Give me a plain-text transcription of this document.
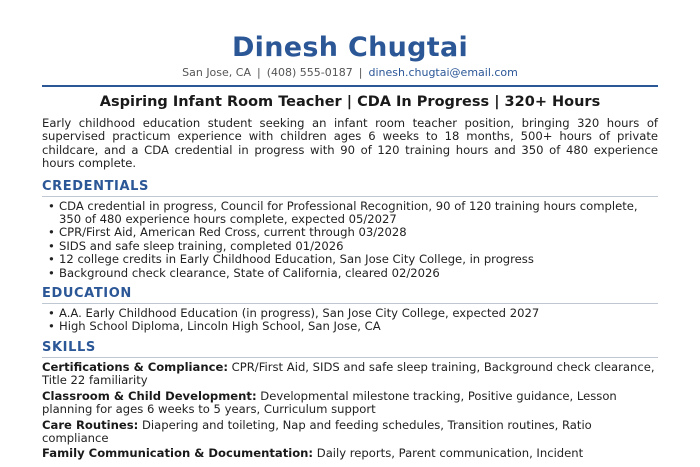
Dinesh Chugtai
San Jose, CA | (408) 555-0187 | dinesh.chugtai@email.com
Aspiring Infant Room Teacher | CDA In Progress | 320+ Hours

Early childhood education student seeking an infant room teacher position, bringing 320 hours of supervised practicum experience with children ages 6 weeks to 18 months, 500+ hours of private childcare, and a CDA credential in progress with 90 of 120 training hours and 350 of 480 experience hours complete.

CREDENTIALS
• CDA credential in progress, Council for Professional Recognition, 90 of 120 training hours complete, 350 of 480 experience hours complete, expected 05/2027
• CPR/First Aid, American Red Cross, current through 03/2028
• SIDS and safe sleep training, completed 01/2026
• 12 college credits in Early Childhood Education, San Jose City College, in progress
• Background check clearance, State of California, cleared 02/2026
EDUCATION
• A.A. Early Childhood Education (in progress), San Jose City College, expected 2027
• High School Diploma, Lincoln High School, San Jose, CA
SKILLS

Certifications & Compliance: CPR/First Aid, SIDS and safe sleep training, Background check clearance, Title 22 familiarity

Classroom & Child Development: Developmental milestone tracking, Positive guidance, Lesson planning for ages 6 weeks to 5 years, Curriculum support

Care Routines: Diapering and toileting, Nap and feeding schedules, Transition routines, Ratio compliance

Family Communication & Documentation: Daily reports, Parent communication, Incident
